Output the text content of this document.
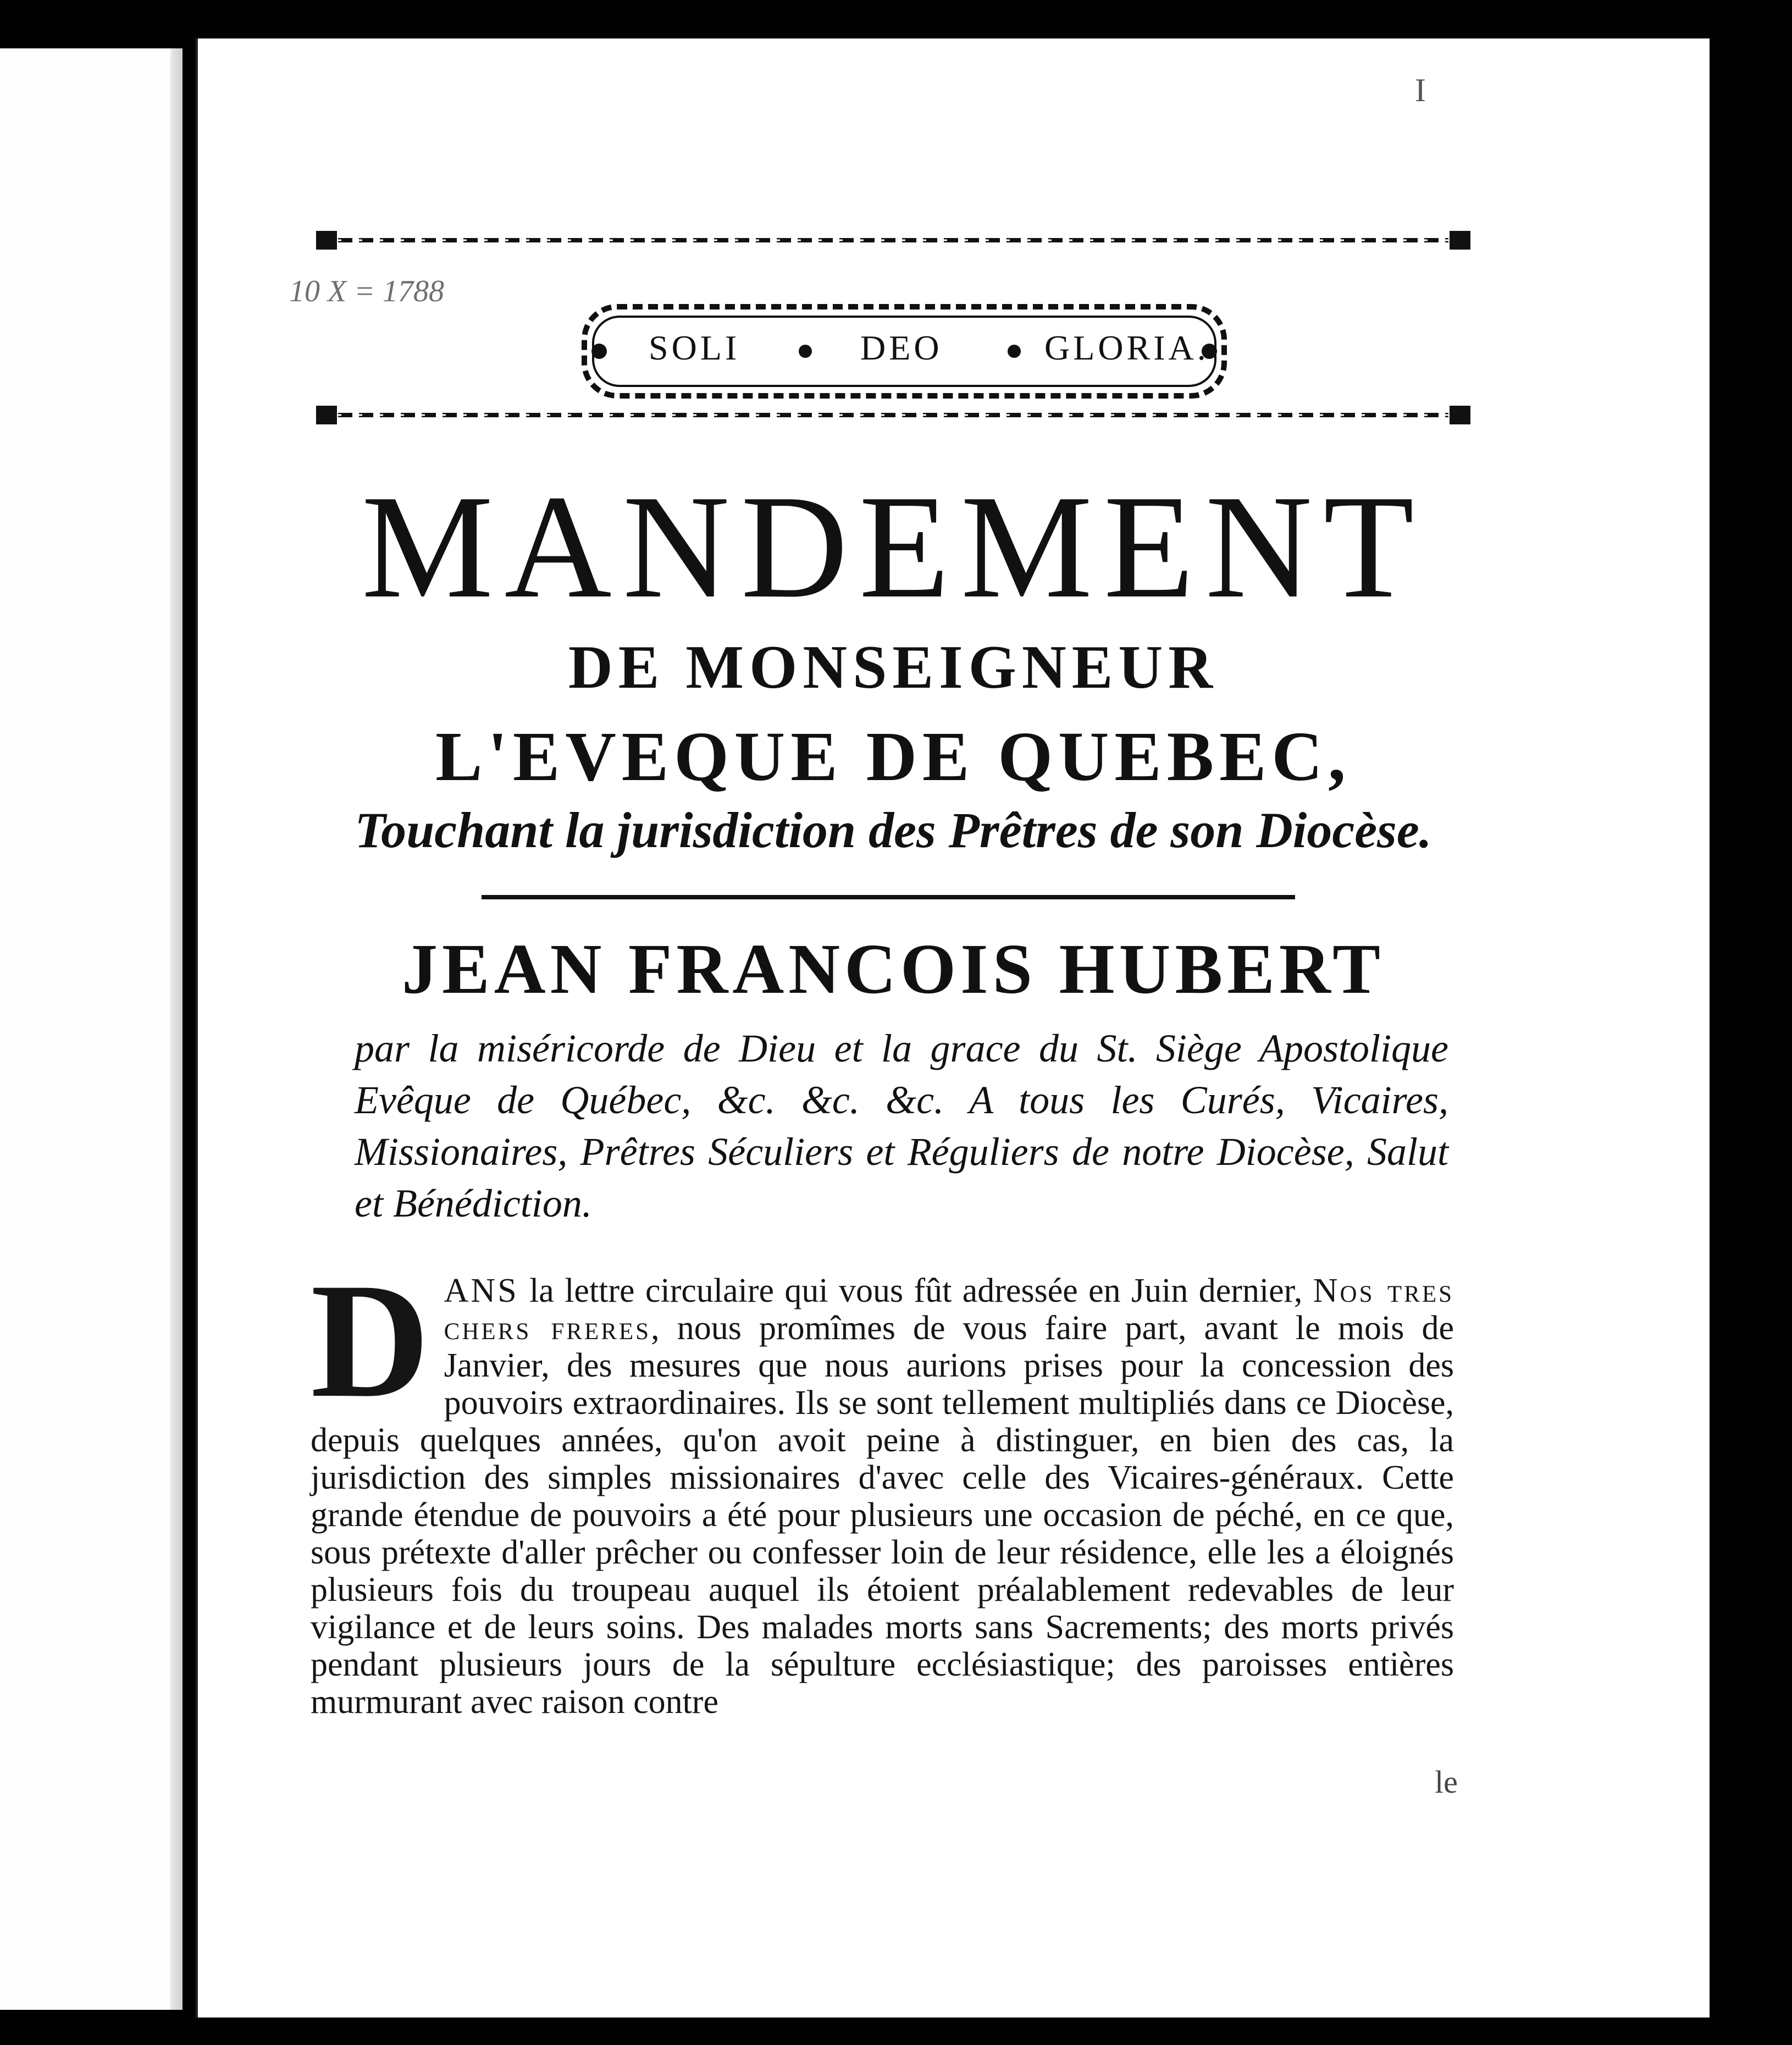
I
10 X = 1788
SOLI	DEO	GLORIA.
MANDEMENT
DE MONSEIGNEUR
L'EVEQUE DE QUEBEC,
Touchant la jurisdiction des Prêtres de son Diocèse.
JEAN FRANCOIS HUBERT
par la miséricorde de Dieu et la grace du St. Siège Apostolique Evêque de Québec, &c. &c. &c. A tous les Curés, Vicaires, Missionaires, Prêtres Séculiers et Réguliers de notre Diocèse, Salut et Bénédiction.
DANS la lettre circulaire qui vous fût adressée en Juin dernier, Nos tres chers freres, nous promîmes de vous faire part, avant le mois de Janvier, des mesures que nous aurions prises pour la concession des pouvoirs extraordinaires. Ils se sont tellement multipliés dans ce Diocèse, depuis quelques années, qu'on avoit peine à distinguer, en bien des cas, la jurisdiction des simples missionaires d'avec celle des Vicaires-généraux. Cette grande étendue de pouvoirs a été pour plusieurs une occasion de péché, en ce que, sous prétexte d'aller prêcher ou confesser loin de leur résidence, elle les a éloignés plusieurs fois du troupeau auquel ils étoient préalablement redevables de leur vigilance et de leurs soins. Des malades morts sans Sacrements; des morts privés pendant plusieurs jours de la sépulture ecclésiastique; des paroisses entières murmurant avec raison contre
le
